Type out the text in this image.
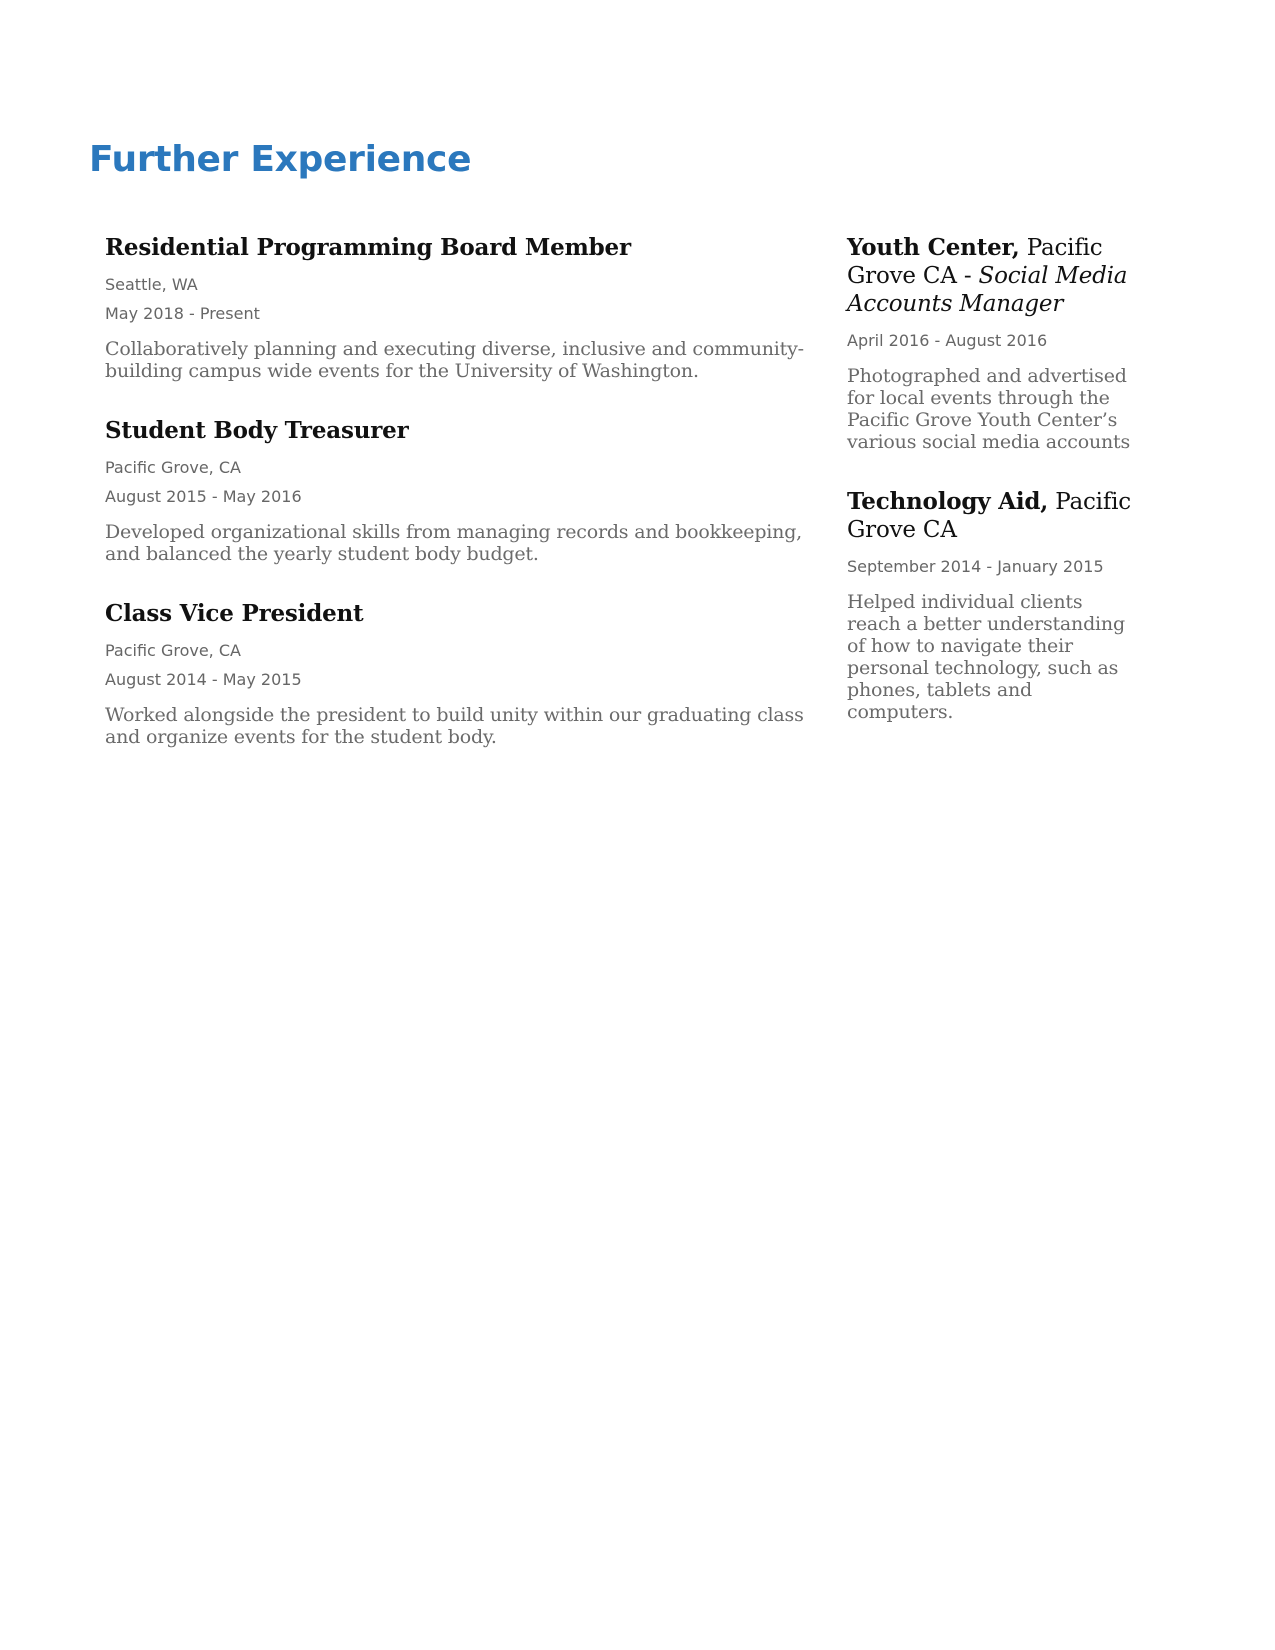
Further Experience
Residential Programming Board Member

Seattle, WA

May 2018 - Present

Collaboratively planning and executing diverse, inclusive and community-building campus wide events for the University of Washington.

Student Body Treasurer

Pacific Grove, CA

August 2015 - May 2016

Developed organizational skills from managing records and bookkeeping, and balanced the yearly student body budget.

Class Vice President

Pacific Grove, CA

August 2014 - May 2015

Worked alongside the president to build unity within our graduating class and organize events for the student body.

Youth Center, Pacific Grove CA - Social Media Accounts Manager

April 2016 - August 2016

Photographed and advertised for local events through the Pacific Grove Youth Center’s various social media accounts

Technology Aid, Pacific Grove CA

September 2014 - January 2015

Helped individual clients reach a better understanding of how to navigate their personal technology, such as phones, tablets and computers.
